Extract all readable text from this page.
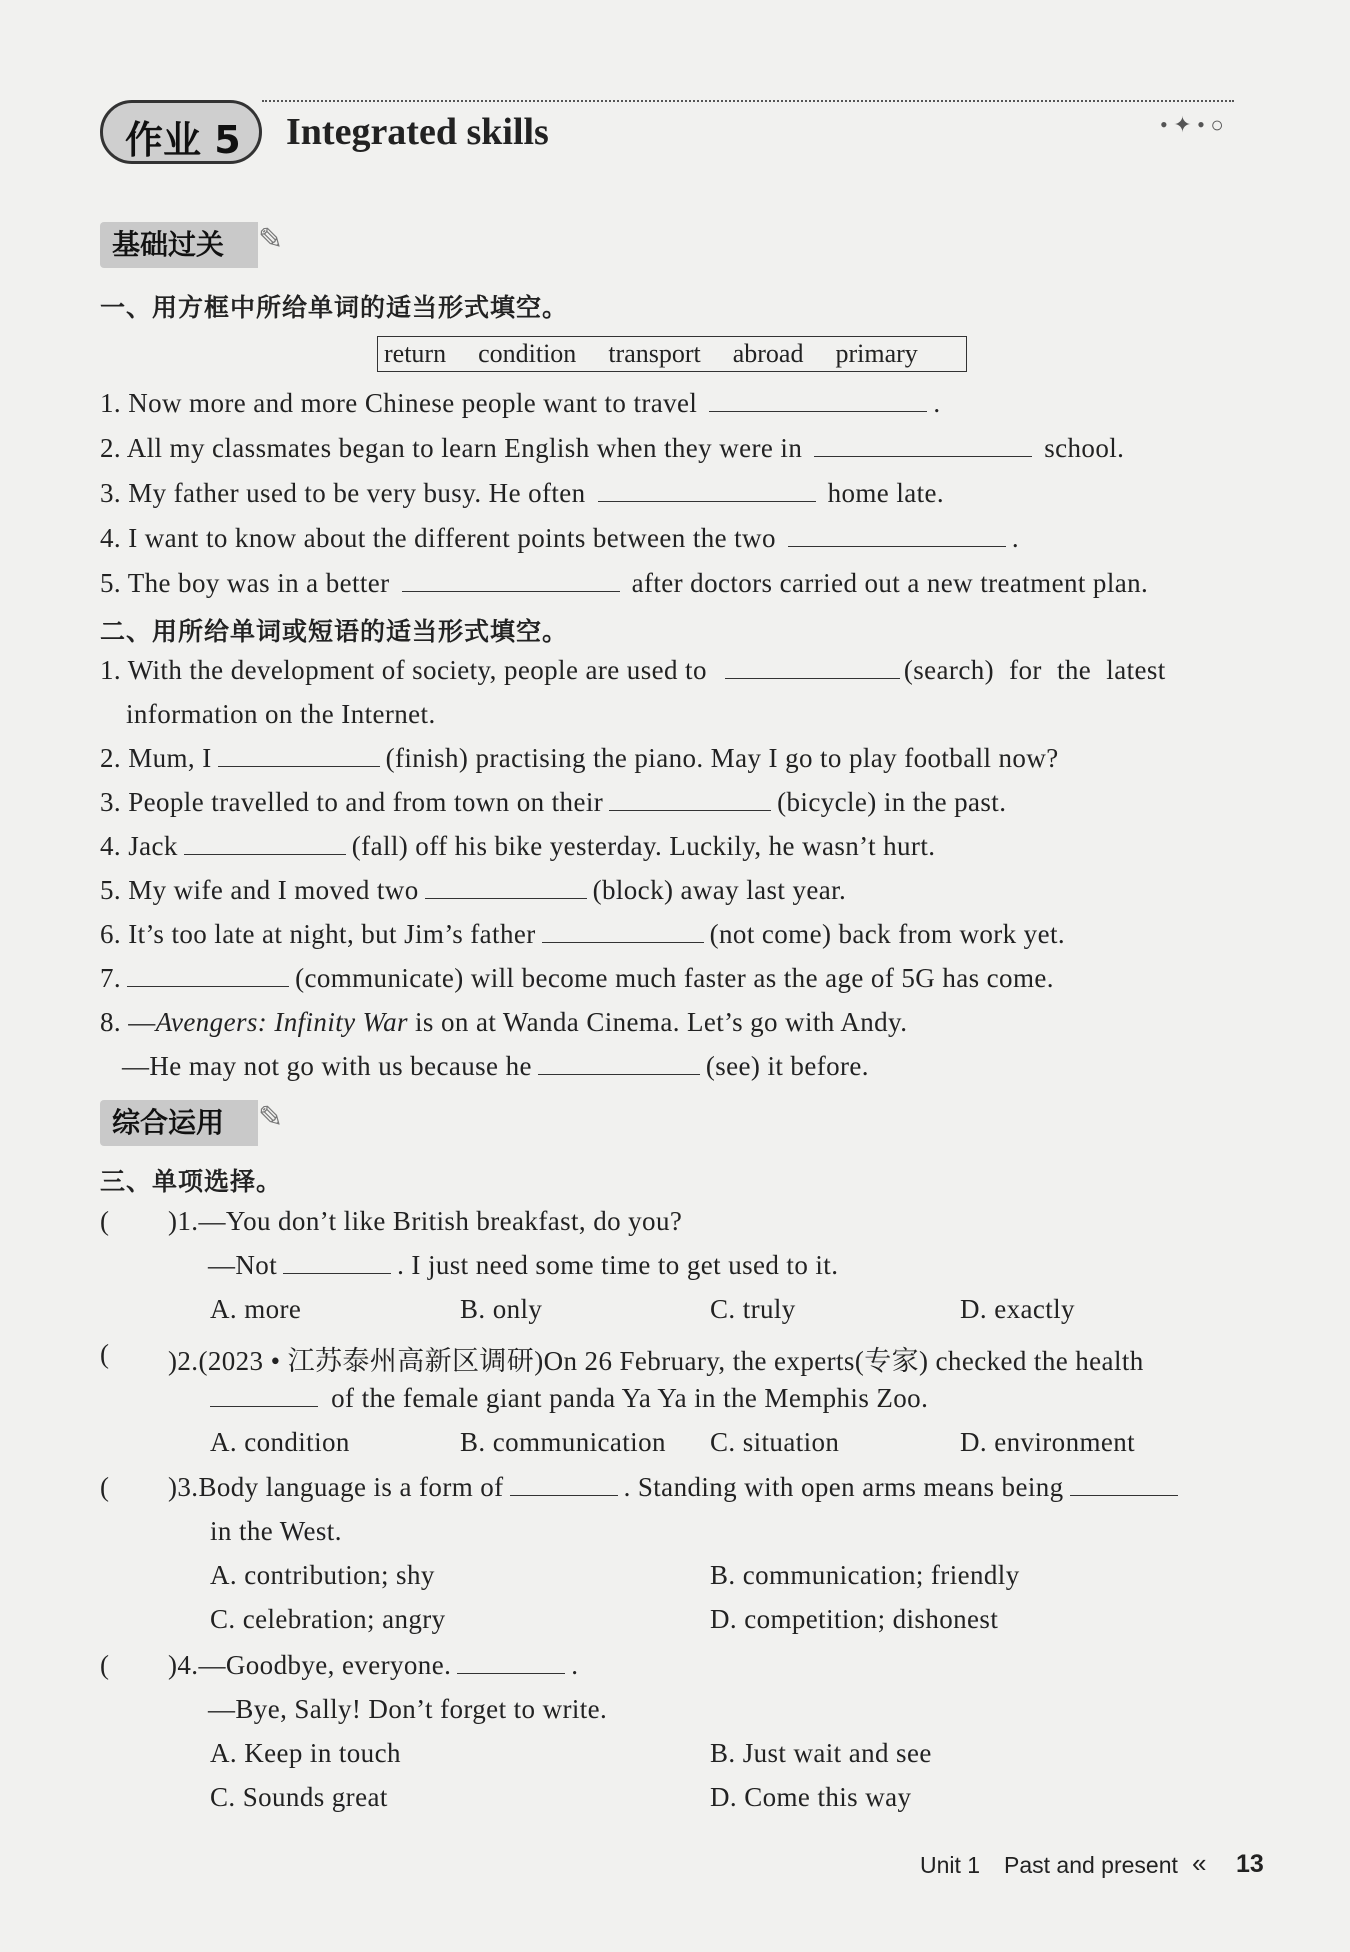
作业 5 Integrated skills	• ✦ • ○
基础过关	✎
一、用方框中所给单词的适当形式填空。
return condition transport abroad primary
1. Now more and more Chinese people want to travel	.
2. All my classmates began to learn English when they were in	school.
3. My father used to be very busy. He often	home late.
4. I want to know about the different points between the two	.
5. The boy was in a better	after doctors carried out a new treatment plan.
二、用所给单词或短语的适当形式填空。
1. With the development of society, people are used to	(search) for the latest
information on the Internet.
2. Mum, I	(finish) practising the piano. May I go to play football now?
3. People travelled to and from town on their	(bicycle) in the past.
4. Jack	(fall) off his bike yesterday. Luckily, he wasn’t hurt.
5. My wife and I moved two	(block) away last year.
6. It’s too late at night, but Jim’s father	(not come) back from work yet.
7.	(communicate) will become much faster as the age of 5G has come.
8. —Avengers: Infinity War is on at Wanda Cinema. Let’s go with Andy.
—He may not go with us because he	(see) it before.
综合运用	✎
三、单项选择。
( )1.—You don’t like British breakfast, do you?
—Not	. I just need some time to get used to it.
A. more	B. only	C. truly	D. exactly
( )2.(2023 • 江苏泰州高新区调研)On 26 February, the experts(专家) checked the health
of the female giant panda Ya Ya in the Memphis Zoo.
A. condition	B. communication C. situation	D. environment
( )3.Body language is a form of	. Standing with open arms means being
in the West.
A. contribution; shy	B. communication; friendly
C. celebration; angry	D. competition; dishonest
( )4.—Goodbye, everyone.	.
—Bye, Sally! Don’t forget to write.
A. Keep in touch	B. Just wait and see
C. Sounds great	D. Come this way
Unit 1 Past and present « 13
